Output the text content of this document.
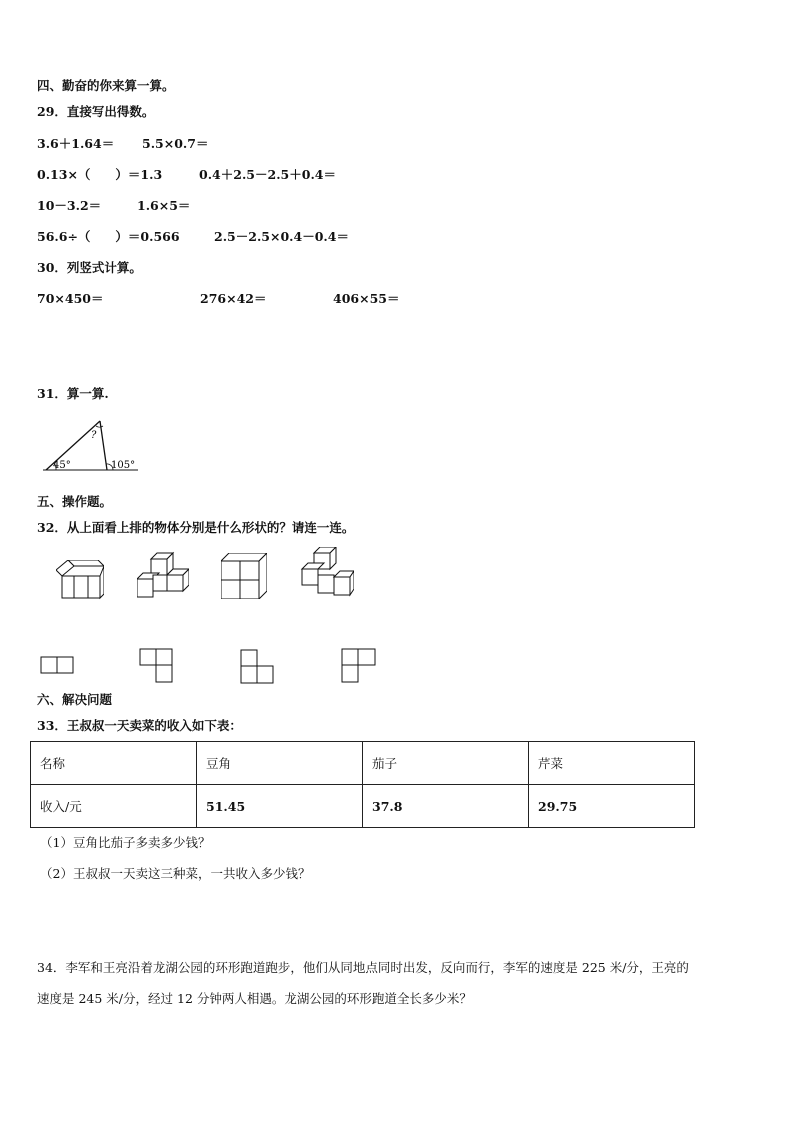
四、勤奋的你来算一算。
29．直接写出得数。
3.6＋1.64＝ 5.5×0.7＝
0.13×（　　）＝1.3	0.4＋2.5－2.5＋0.4＝
10－3.2＝	1.6×5＝
56.6÷（　　）＝0.566	2.5－2.5×0.4－0.4＝
30．列竖式计算。
70×450＝	276×42＝	406×55＝
31．算一算.
45°
?
105°
五、操作题。
32．从上面看上排的物体分别是什么形状的？请连一连。
六、解决问题
33．王叔叔一天卖菜的收入如下表：
名称	豆角	茄子	芹菜
收入/元	51.45	37.8	29.75
（1）豆角比茄子多卖多少钱？
（2）王叔叔一天卖这三种菜，一共收入多少钱？
34．李军和王亮沿着龙湖公园的环形跑道跑步，他们从同地点同时出发，反向而行，李军的速度是 225 米/分，王亮的
速度是 245 米/分，经过 12 分钟两人相遇。龙湖公园的环形跑道全长多少米？
